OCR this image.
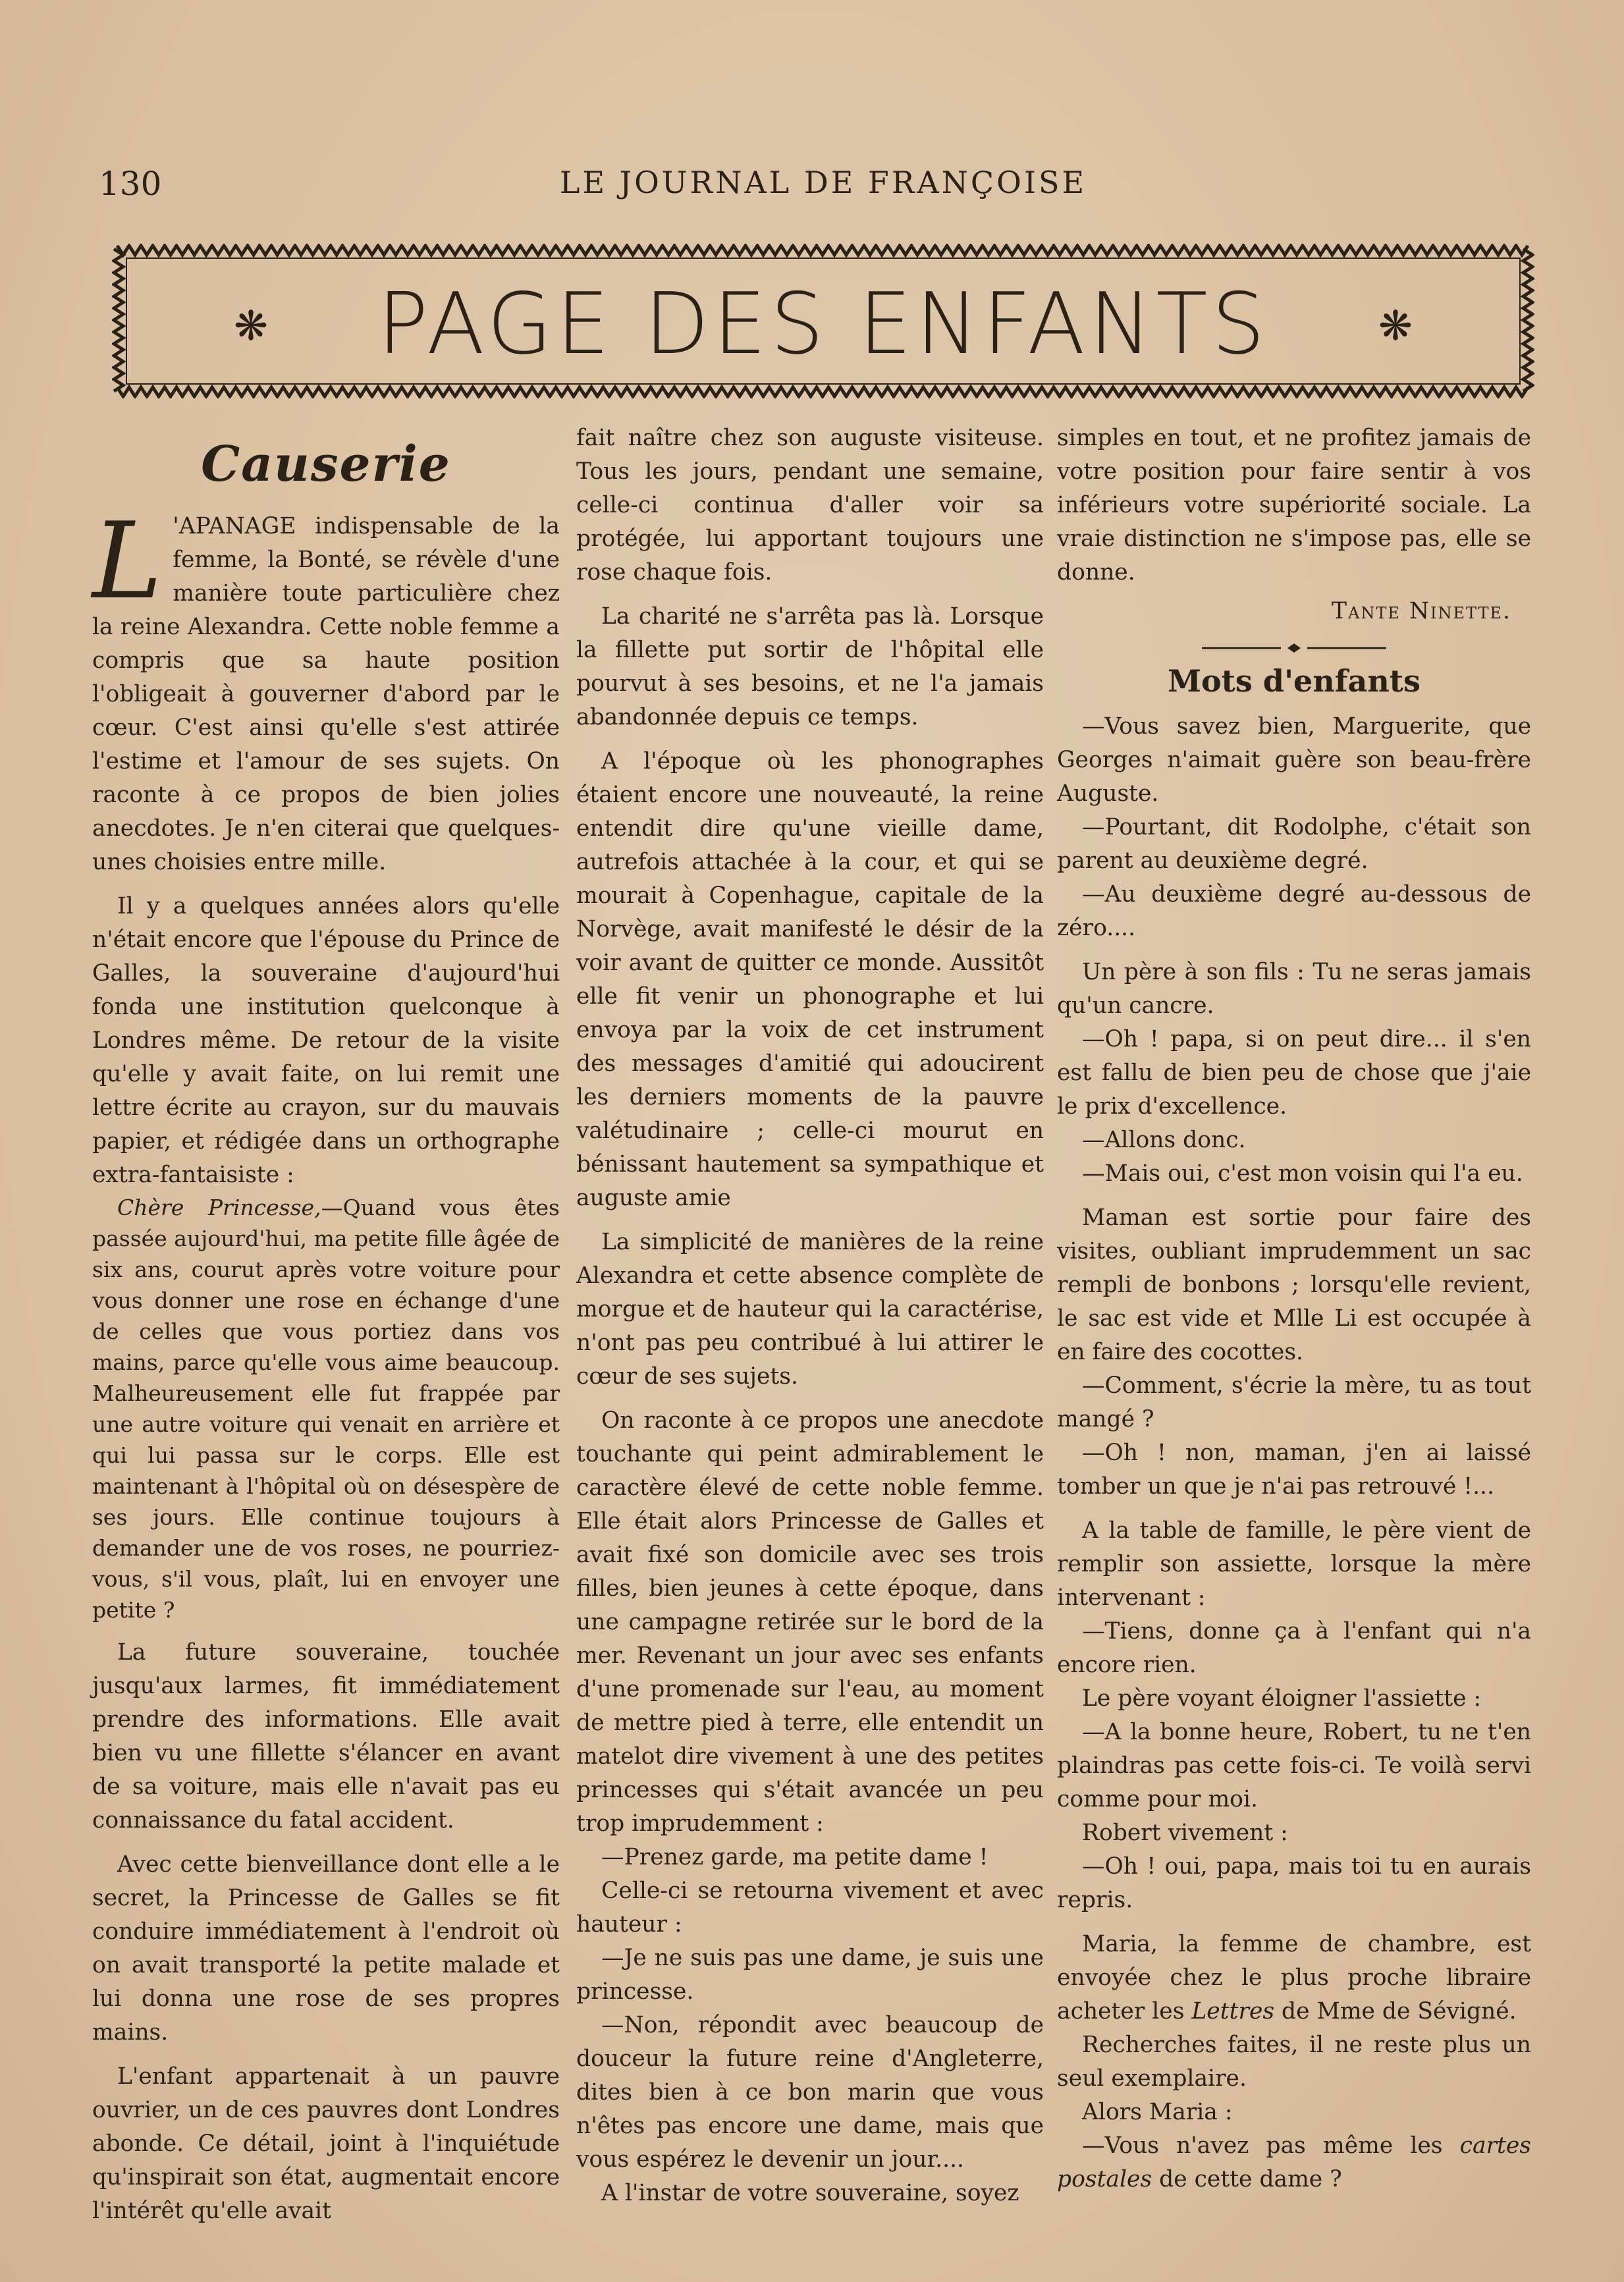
130	LE JOURNAL DE FRANÇOISE
❋	PAGE DES ENFANTS	❋
Causerie

L 'APANAGE indispensable de la femme, la Bonté, se révèle d'une manière toute particulière chez la reine Alexandra. Cette noble femme a compris que sa haute position l'obligeait à gouverner d'abord par le cœur. C'est ainsi qu'elle s'est attirée l'estime et l'amour de ses sujets. On raconte à ce propos de bien jolies anecdotes. Je n'en citerai que quelques-unes choisies entre mille.

Il y a quelques années alors qu'elle n'était encore que l'épouse du Prince de Galles, la souveraine d'aujourd'hui fonda une institution quelconque à Londres même. De retour de la visite qu'elle y avait faite, on lui remit une lettre écrite au crayon, sur du mauvais papier, et rédigée dans un orthographe extra-fantaisiste :

Chère Princesse,—Quand vous êtes passée aujourd'hui, ma petite fille âgée de six ans, courut après votre voiture pour vous donner une rose en échange d'une de celles que vous portiez dans vos mains, parce qu'elle vous aime beaucoup. Malheureusement elle fut frappée par une autre voiture qui venait en arrière et qui lui passa sur le corps. Elle est maintenant à l'hôpital où on désespère de ses jours. Elle continue toujours à demander une de vos roses, ne pourriez-vous, s'il vous, plaît, lui en envoyer une petite ?

La future souveraine, touchée jusqu'aux larmes, fit immédiatement prendre des informations. Elle avait bien vu une fillette s'élancer en avant de sa voiture, mais elle n'avait pas eu connaissance du fatal accident.

Avec cette bienveillance dont elle a le secret, la Princesse de Galles se fit conduire immédiatement à l'endroit où on avait transporté la petite malade et lui donna une rose de ses propres mains.

L'enfant appartenait à un pauvre ouvrier, un de ces pauvres dont Londres abonde. Ce détail, joint à l'inquiétude qu'inspirait son état, augmentait encore l'intérêt qu'elle avait

fait naître chez son auguste visiteuse. Tous les jours, pendant une semaine, celle-ci continua d'aller voir sa protégée, lui apportant toujours une rose chaque fois.

La charité ne s'arrêta pas là. Lorsque la fillette put sortir de l'hôpital elle pourvut à ses besoins, et ne l'a jamais abandonnée depuis ce temps.

A l'époque où les phonographes étaient encore une nouveauté, la reine entendit dire qu'une vieille dame, autrefois attachée à la cour, et qui se mourait à Copenhague, capitale de la Norvège, avait manifesté le désir de la voir avant de quitter ce monde. Aussitôt elle fit venir un phonographe et lui envoya par la voix de cet instrument des messages d'amitié qui adoucirent les derniers moments de la pauvre valétudinaire ; celle-ci mourut en bénissant hautement sa sympathique et auguste amie

La simplicité de manières de la reine Alexandra et cette absence complète de morgue et de hauteur qui la caractérise, n'ont pas peu contribué à lui attirer le cœur de ses sujets.

On raconte à ce propos une anecdote touchante qui peint admirablement le caractère élevé de cette noble femme. Elle était alors Princesse de Galles et avait fixé son domicile avec ses trois filles, bien jeunes à cette époque, dans une campagne retirée sur le bord de la mer. Revenant un jour avec ses enfants d'une promenade sur l'eau, au moment de mettre pied à terre, elle entendit un matelot dire vivement à une des petites princesses qui s'était avancée un peu trop imprudemment :

—Prenez garde, ma petite dame !

Celle-ci se retourna vivement et avec hauteur :

—Je ne suis pas une dame, je suis une princesse.

—Non, répondit avec beaucoup de douceur la future reine d'Angleterre, dites bien à ce bon marin que vous n'êtes pas encore une dame, mais que vous espérez le devenir un jour....

A l'instar de votre souveraine, soyez

simples en tout, et ne profitez jamais de votre position pour faire sentir à vos inférieurs votre supériorité sociale. La vraie distinction ne s'impose pas, elle se donne.

Tante Ninette.
Mots d'enfants

—Vous savez bien, Marguerite, que Georges n'aimait guère son beau-frère Auguste.

—Pourtant, dit Rodolphe, c'était son parent au deuxième degré.

—Au deuxième degré au-dessous de zéro....

Un père à son fils : Tu ne seras jamais qu'un cancre.

—Oh ! papa, si on peut dire... il s'en est fallu de bien peu de chose que j'aie le prix d'excellence.

—Allons donc.

—Mais oui, c'est mon voisin qui l'a eu.

Maman est sortie pour faire des visites, oubliant imprudemment un sac rempli de bonbons ; lorsqu'elle revient, le sac est vide et Mlle Li est occupée à en faire des cocottes.

—Comment, s'écrie la mère, tu as tout mangé ?

—Oh ! non, maman, j'en ai laissé tomber un que je n'ai pas retrouvé !...

A la table de famille, le père vient de remplir son assiette, lorsque la mère intervenant :

—Tiens, donne ça à l'enfant qui n'a encore rien.

Le père voyant éloigner l'assiette :

—A la bonne heure, Robert, tu ne t'en plaindras pas cette fois-ci. Te voilà servi comme pour moi.

Robert vivement :

—Oh ! oui, papa, mais toi tu en aurais repris.

Maria, la femme de chambre, est envoyée chez le plus proche libraire acheter les Lettres de Mme de Sévigné.

Recherches faites, il ne reste plus un seul exemplaire.

Alors Maria :

—Vous n'avez pas même les cartes postales de cette dame ?
